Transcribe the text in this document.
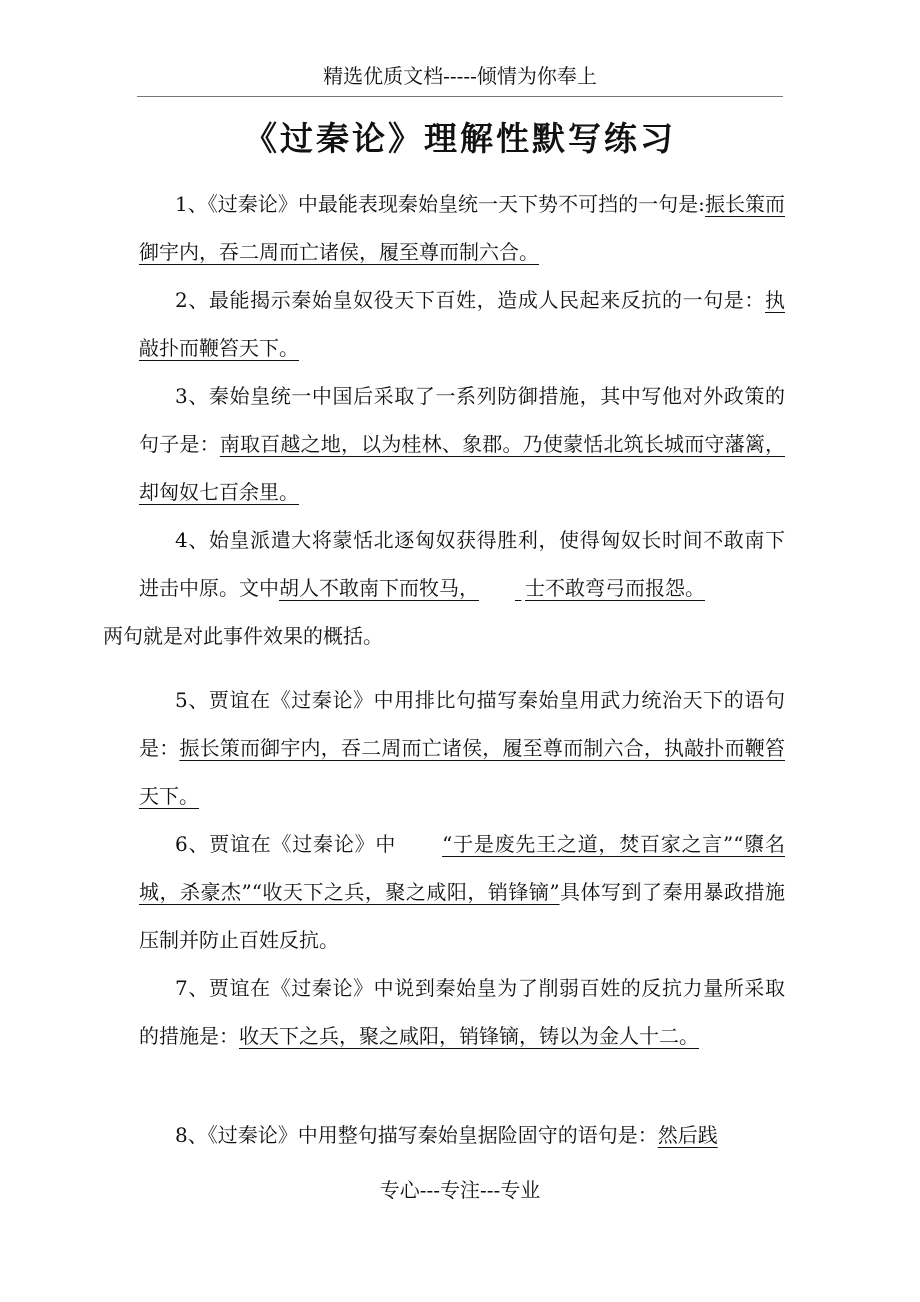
精选优质文档-----倾情为你奉上
《过秦论》理解性默写练习

1、《过秦论》中最能表现秦始皇统一天下势不可挡的一句是:振长策而御宇内，吞二周而亡诸侯，履至尊而制六合。

2、最能揭示秦始皇奴役天下百姓，造成人民起来反抗的一句是：执敲扑而鞭笞天下。

3、秦始皇统一中国后采取了一系列防御措施，其中写他对外政策的句子是：南取百越之地，以为桂林、象郡。乃使蒙恬北筑长城而守藩篱，却匈奴七百余里。

4、始皇派遣大将蒙恬北逐匈奴获得胜利，使得匈奴长时间不敢南下进击中原。文中胡人不敢南下而牧马， 士不敢弯弓而报怨。
两句就是对此事件效果的概括。

5、贾谊在《过秦论》中用排比句描写秦始皇用武力统治天下的语句是：振长策而御宇内，吞二周而亡诸侯，履至尊而制六合，执敲扑而鞭笞天下。

6、贾谊在《过秦论》中 “于是废先王之道，焚百家之言”“隳名城，杀豪杰”“收天下之兵，聚之咸阳，销锋镝”具体写到了秦用暴政措施压制并防止百姓反抗。

7、贾谊在《过秦论》中说到秦始皇为了削弱百姓的反抗力量所采取的措施是：收天下之兵，聚之咸阳，销锋镝，铸以为金人十二。

8、《过秦论》中用整句描写秦始皇据险固守的语句是：然后践

专心---专注---专业
